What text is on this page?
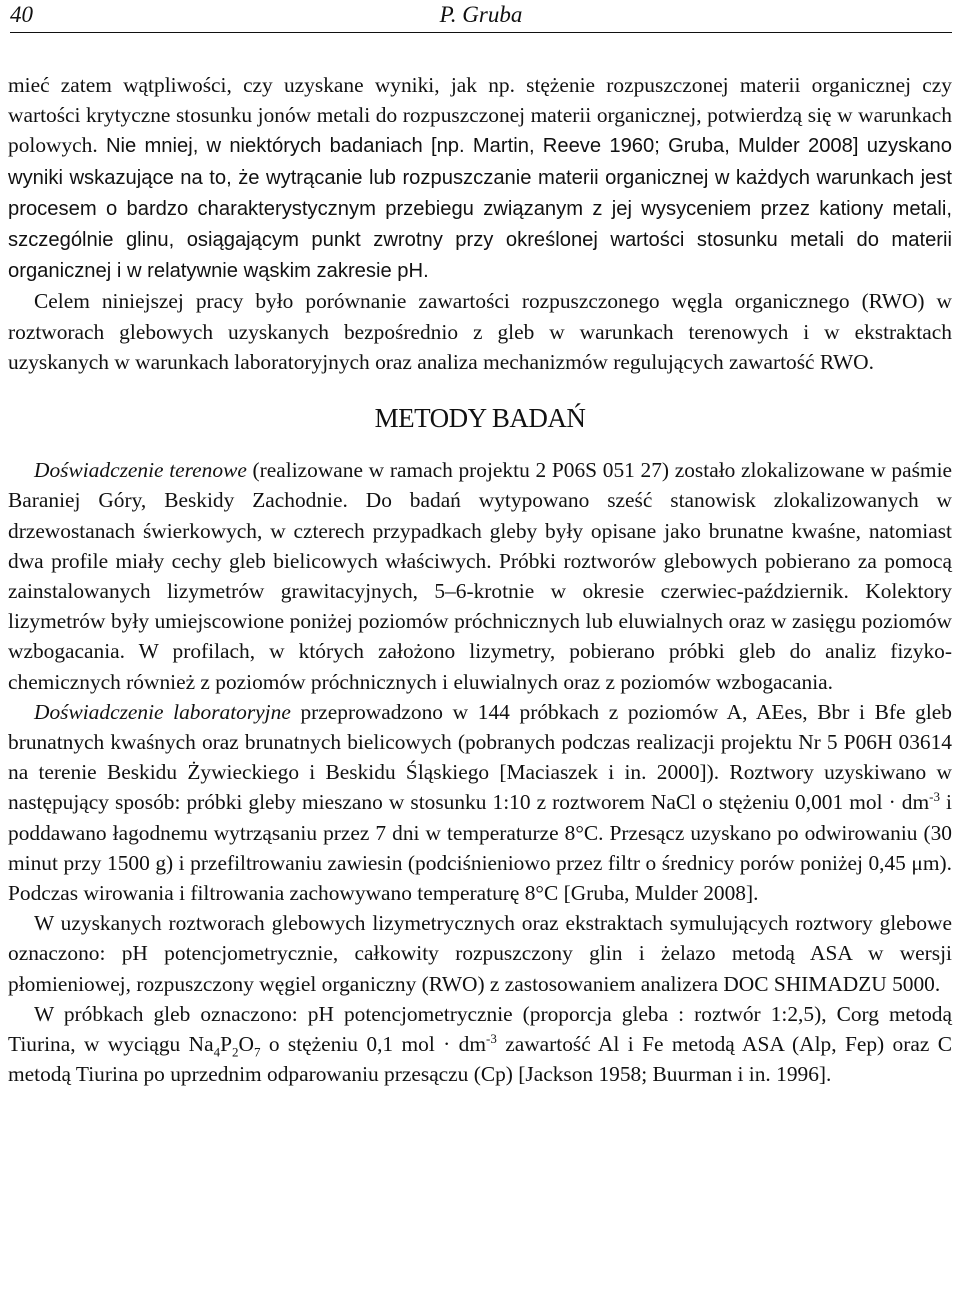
40	P. Gruba

mieć zatem wątpliwości, czy uzyskane wyniki, jak np. stężenie rozpuszczonej materii organicznej czy wartości krytyczne stosunku jonów metali do rozpuszczonej materii organicznej, potwierdzą się w warunkach polowych. Nie mniej, w niektórych badaniach [np. Martin, Reeve 1960; Gruba, Mulder 2008] uzyskano wyniki wskazujące na to, że wytrącanie lub rozpuszczanie materii organicznej w każdych warunkach jest procesem o bardzo charakterystycznym przebiegu związanym z jej wysyceniem przez kationy metali, szczególnie glinu, osiągającym punkt zwrotny przy określonej wartości stosunku metali do materii organicznej i w relatywnie wąskim zakresie pH.

Celem niniejszej pracy było porównanie zawartości rozpuszczonego węgla organicznego (RWO) w roztworach glebowych uzyskanych bezpośrednio z gleb w warunkach terenowych i w ekstraktach uzyskanych w warunkach laboratoryjnych oraz analiza mechanizmów regulujących zawartość RWO.

METODY BADAŃ

Doświadczenie terenowe (realizowane w ramach projektu 2 P06S 051 27) zostało zlokalizowane w paśmie Baraniej Góry, Beskidy Zachodnie. Do badań wytypowano sześć stanowisk zlokalizowanych w drzewostanach świerkowych, w czterech przypadkach gleby były opisane jako brunatne kwaśne, natomiast dwa profile miały cechy gleb bielicowych właściwych. Próbki roztworów glebowych pobierano za pomocą zainstalowanych lizymetrów grawitacyjnych, 5–6-krotnie w okresie czerwiec-październik. Kolektory lizymetrów były umiejscowione poniżej poziomów próchnicznych lub eluwialnych oraz w zasięgu poziomów wzbogacania. W profilach, w których założono lizymetry, pobierano próbki gleb do analiz fizyko-chemicznych również z poziomów próchnicznych i eluwialnych oraz z poziomów wzbogacania.

Doświadczenie laboratoryjne przeprowadzono w 144 próbkach z poziomów A, AEes, Bbr i Bfe gleb brunatnych kwaśnych oraz brunatnych bielicowych (pobranych podczas realizacji projektu Nr 5 P06H 03614 na terenie Beskidu Żywieckiego i Beskidu Śląskiego [Maciaszek i in. 2000]). Roztwory uzyskiwano w następujący sposób: próbki gleby mieszano w stosunku 1:10 z roztworem NaCl o stężeniu 0,001 mol · $dm^{-3}$ i poddawano łagodnemu wytrząsaniu przez 7 dni w temperaturze 8°C. Przesącz uzyskano po odwirowaniu (30 minut przy 1500 g) i przefiltrowaniu zawiesin (podciśnieniowo przez filtr o średnicy porów poniżej 0,45 μm). Podczas wirowania i filtrowania zachowywano temperaturę 8°C [Gruba, Mulder 2008].

W uzyskanych roztworach glebowych lizymetrycznych oraz ekstraktach symulujących roztwory glebowe oznaczono: pH potencjometrycznie, całkowity rozpuszczony glin i żelazo metodą ASA w wersji płomieniowej, rozpuszczony węgiel organiczny (RWO) z zastosowaniem analizera DOC SHIMADZU 5000.

W próbkach gleb oznaczono: pH potencjometrycznie (proporcja gleba : roztwór 1:2,5), Corg metodą Tiurina, w wyciągu $Na_4P_2O_7$ o stężeniu 0,1 mol · $dm^{-3}$ zawartość Al i Fe metodą ASA (Alp, Fep) oraz C metodą Tiurina po uprzednim odparowaniu przesączu (Cp) [Jackson 1958; Buurman i in. 1996].
